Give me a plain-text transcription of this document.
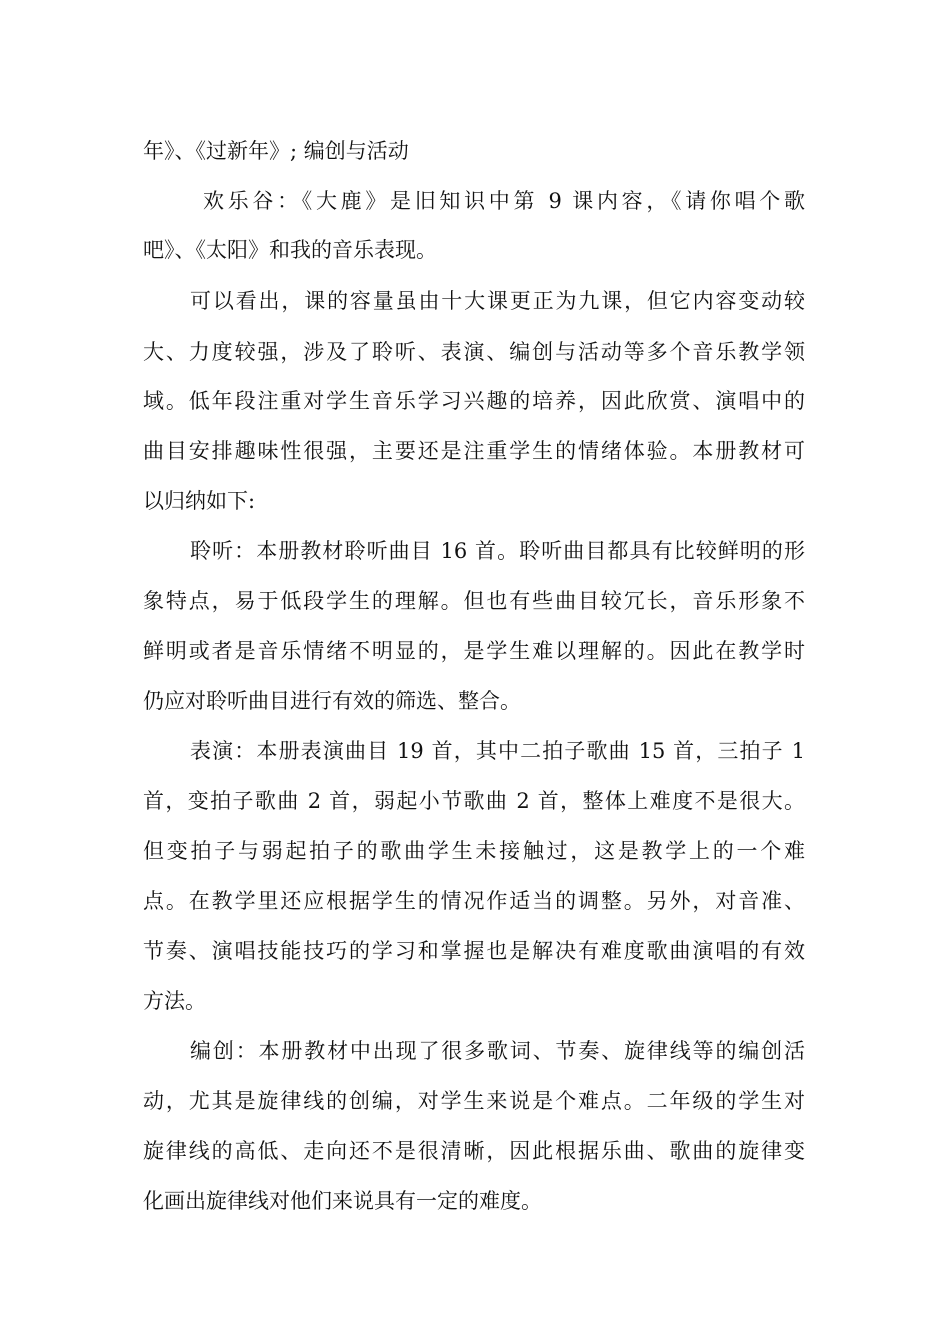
年》、《过新年》; 编创与活动
欢乐谷：《大鹿》是旧知识中第 9 课内容，《请你唱个歌
吧》、《太阳》和我的音乐表现。
可以看出，课的容量虽由十大课更正为九课，但它内容变动较
大、力度较强，涉及了聆听、表演、编创与活动等多个音乐教学领
域。低年段注重对学生音乐学习兴趣的培养，因此欣赏、演唱中的
曲目安排趣味性很强，主要还是注重学生的情绪体验。本册教材可
以归纳如下:
聆听：本册教材聆听曲目 16 首。聆听曲目都具有比较鲜明的形
象特点，易于低段学生的理解。但也有些曲目较冗长，音乐形象不
鲜明或者是音乐情绪不明显的，是学生难以理解的。因此在教学时
仍应对聆听曲目进行有效的筛选、整合。
表演：本册表演曲目 19 首，其中二拍子歌曲 15 首，三拍子 1
首，变拍子歌曲 2 首，弱起小节歌曲 2 首，整体上难度不是很大。
但变拍子与弱起拍子的歌曲学生未接触过，这是教学上的一个难
点。在教学里还应根据学生的情况作适当的调整。另外，对音准、
节奏、演唱技能技巧的学习和掌握也是解决有难度歌曲演唱的有效
方法。
编创：本册教材中出现了很多歌词、节奏、旋律线等的编创活
动，尤其是旋律线的创编，对学生来说是个难点。二年级的学生对
旋律线的高低、走向还不是很清晰，因此根据乐曲、歌曲的旋律变
化画出旋律线对他们来说具有一定的难度。
